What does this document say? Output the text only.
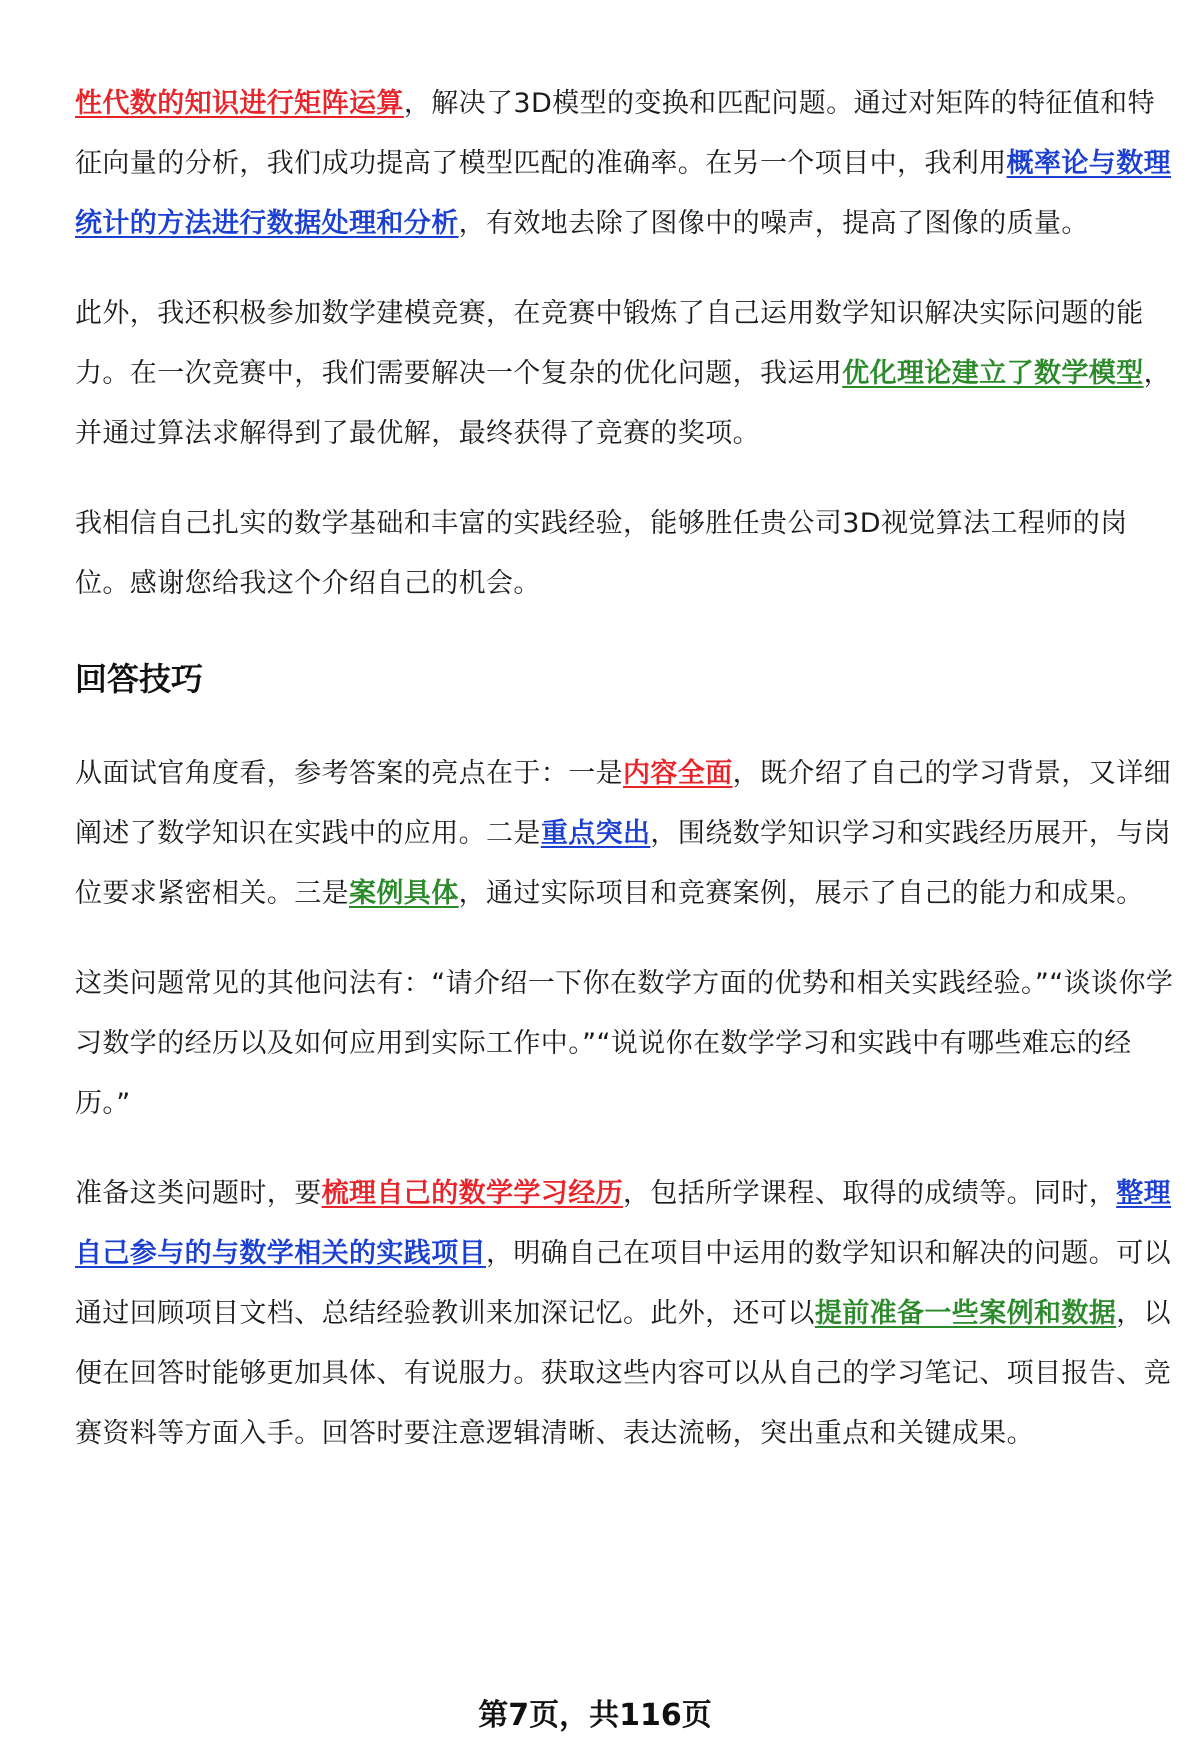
性代数的知识进行矩阵运算，解决了3D模型的变换和匹配问题。通过对矩阵的特征值和特征向量的分析，我们成功提高了模型匹配的准确率。在另一个项目中，我利用概率论与数理统计的方法进行数据处理和分析，有效地去除了图像中的噪声，提高了图像的质量。

此外，我还积极参加数学建模竞赛，在竞赛中锻炼了自己运用数学知识解决实际问题的能力。在一次竞赛中，我们需要解决一个复杂的优化问题，我运用优化理论建立了数学模型，并通过算法求解得到了最优解，最终获得了竞赛的奖项。

我相信自己扎实的数学基础和丰富的实践经验，能够胜任贵公司3D视觉算法工程师的岗位。感谢您给我这个介绍自己的机会。

回答技巧

从面试官角度看，参考答案的亮点在于：一是内容全面，既介绍了自己的学习背景，又详细阐述了数学知识在实践中的应用。二是重点突出，围绕数学知识学习和实践经历展开，与岗位要求紧密相关。三是案例具体，通过实际项目和竞赛案例，展示了自己的能力和成果。

这类问题常见的其他问法有：“请介绍一下你在数学方面的优势和相关实践经验。”“谈谈你学习数学的经历以及如何应用到实际工作中。”“说说你在数学学习和实践中有哪些难忘的经历。”

准备这类问题时，要梳理自己的数学学习经历，包括所学课程、取得的成绩等。同时，整理自己参与的与数学相关的实践项目，明确自己在项目中运用的数学知识和解决的问题。可以通过回顾项目文档、总结经验教训来加深记忆。此外，还可以提前准备一些案例和数据，以便在回答时能够更加具体、有说服力。获取这些内容可以从自己的学习笔记、项目报告、竞赛资料等方面入手。回答时要注意逻辑清晰、表达流畅，突出重点和关键成果。

第7页，共116页
